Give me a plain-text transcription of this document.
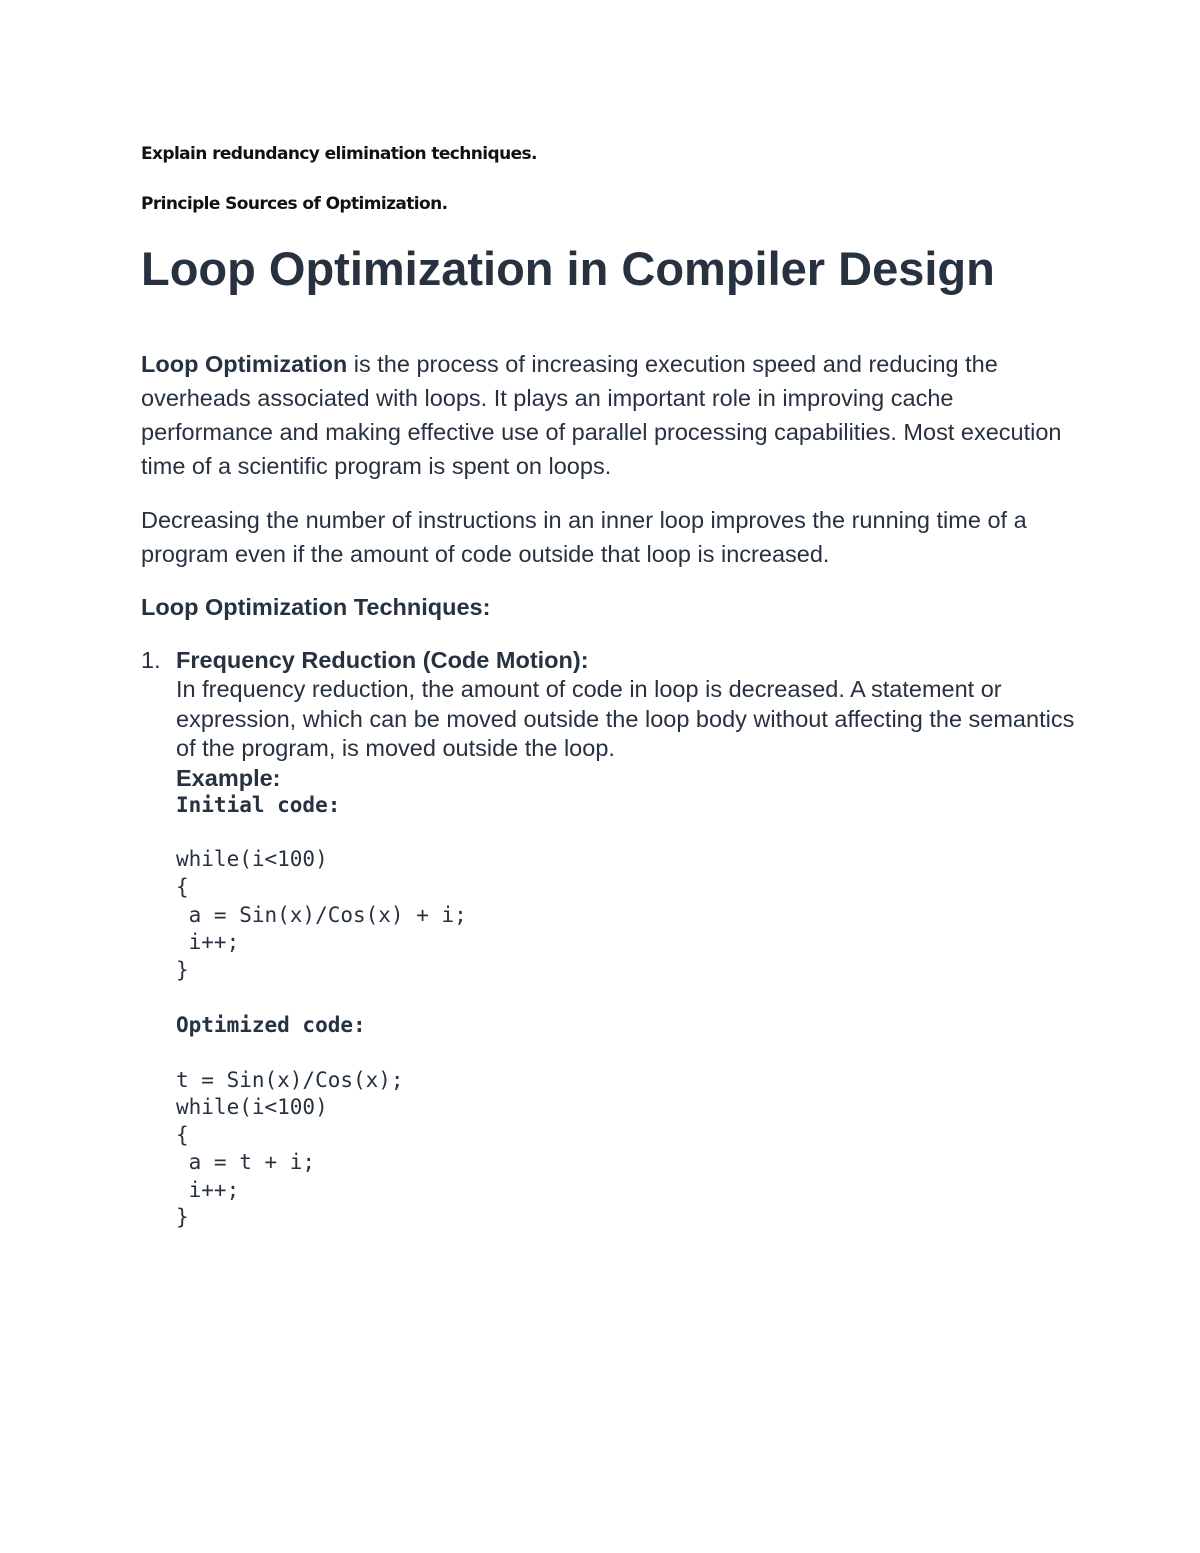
Explain redundancy elimination techniques.
Principle Sources of Optimization.
Loop Optimization in Compiler Design
Loop Optimization is the process of increasing execution speed and reducing the overheads associated with loops. It plays an important role in improving cache performance and making effective use of parallel processing capabilities. Most execution time of a scientific program is spent on loops.
Decreasing the number of instructions in an inner loop improves the running time of a program even if the amount of code outside that loop is increased.
Loop Optimization Techniques:
1. Frequency Reduction (Code Motion):
In frequency reduction, the amount of code in loop is decreased. A statement or expression, which can be moved outside the loop body without affecting the semantics of the program, is moved outside the loop.
Example:
Initial code:
while(i<100)
{
a = Sin(x)/Cos(x) + i;
i++;
}
Optimized code:
t = Sin(x)/Cos(x);
while(i<100)
{
a = t + i;
i++;
}
